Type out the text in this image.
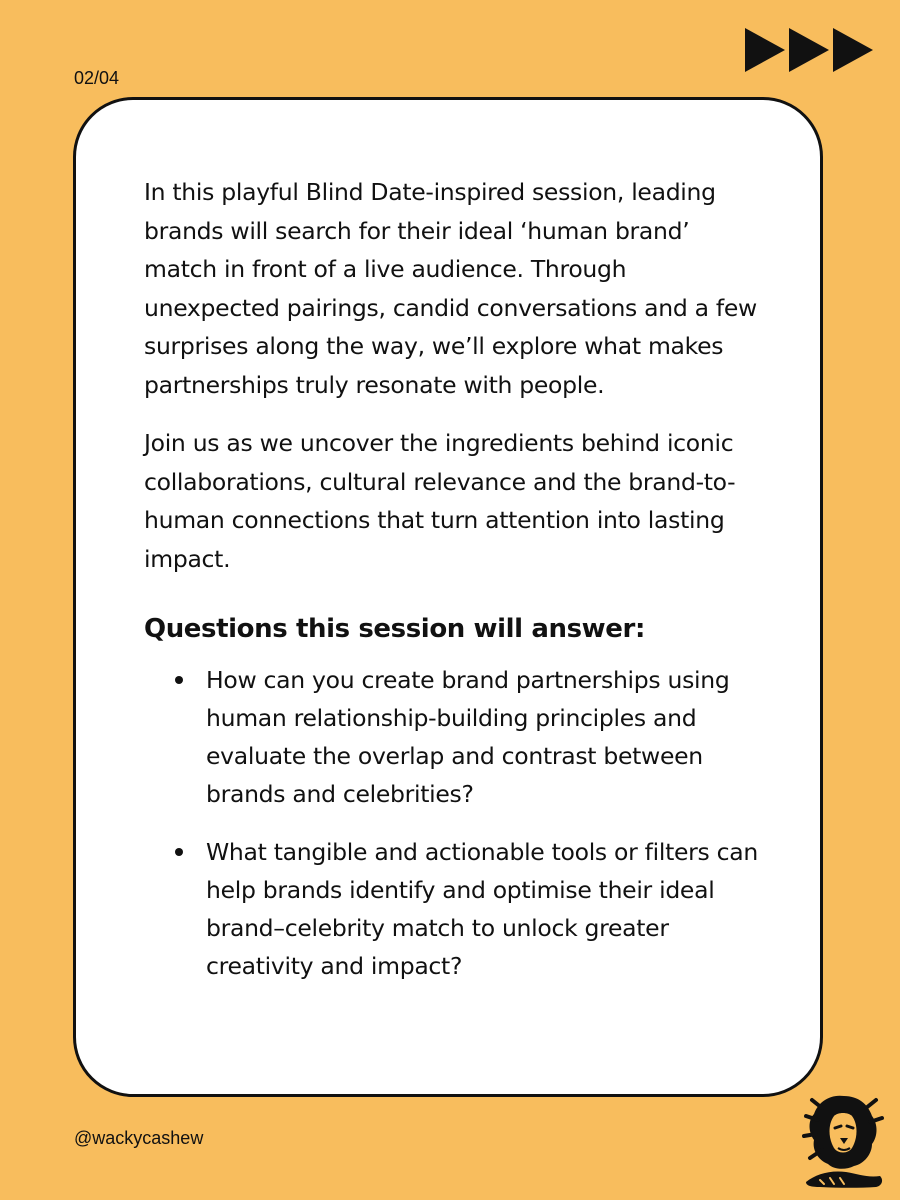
02/04

In this playful Blind Date-inspired session, leading brands will search for their ideal ‘human brand’ match in front of a live audience. Through unexpected pairings, candid conversations and a few surprises along the way, we’ll explore what makes partnerships truly resonate with people.

Join us as we uncover the ingredients behind iconic collaborations, cultural relevance and the brand-to-human connections that turn attention into lasting impact.

Questions this session will answer:
How can you create brand partnerships using human relationship-building principles and evaluate the overlap and contrast between brands and celebrities?
What tangible and actionable tools or filters can help brands identify and optimise their ideal brand–celebrity match to unlock greater creativity and impact?
@wackycashew
